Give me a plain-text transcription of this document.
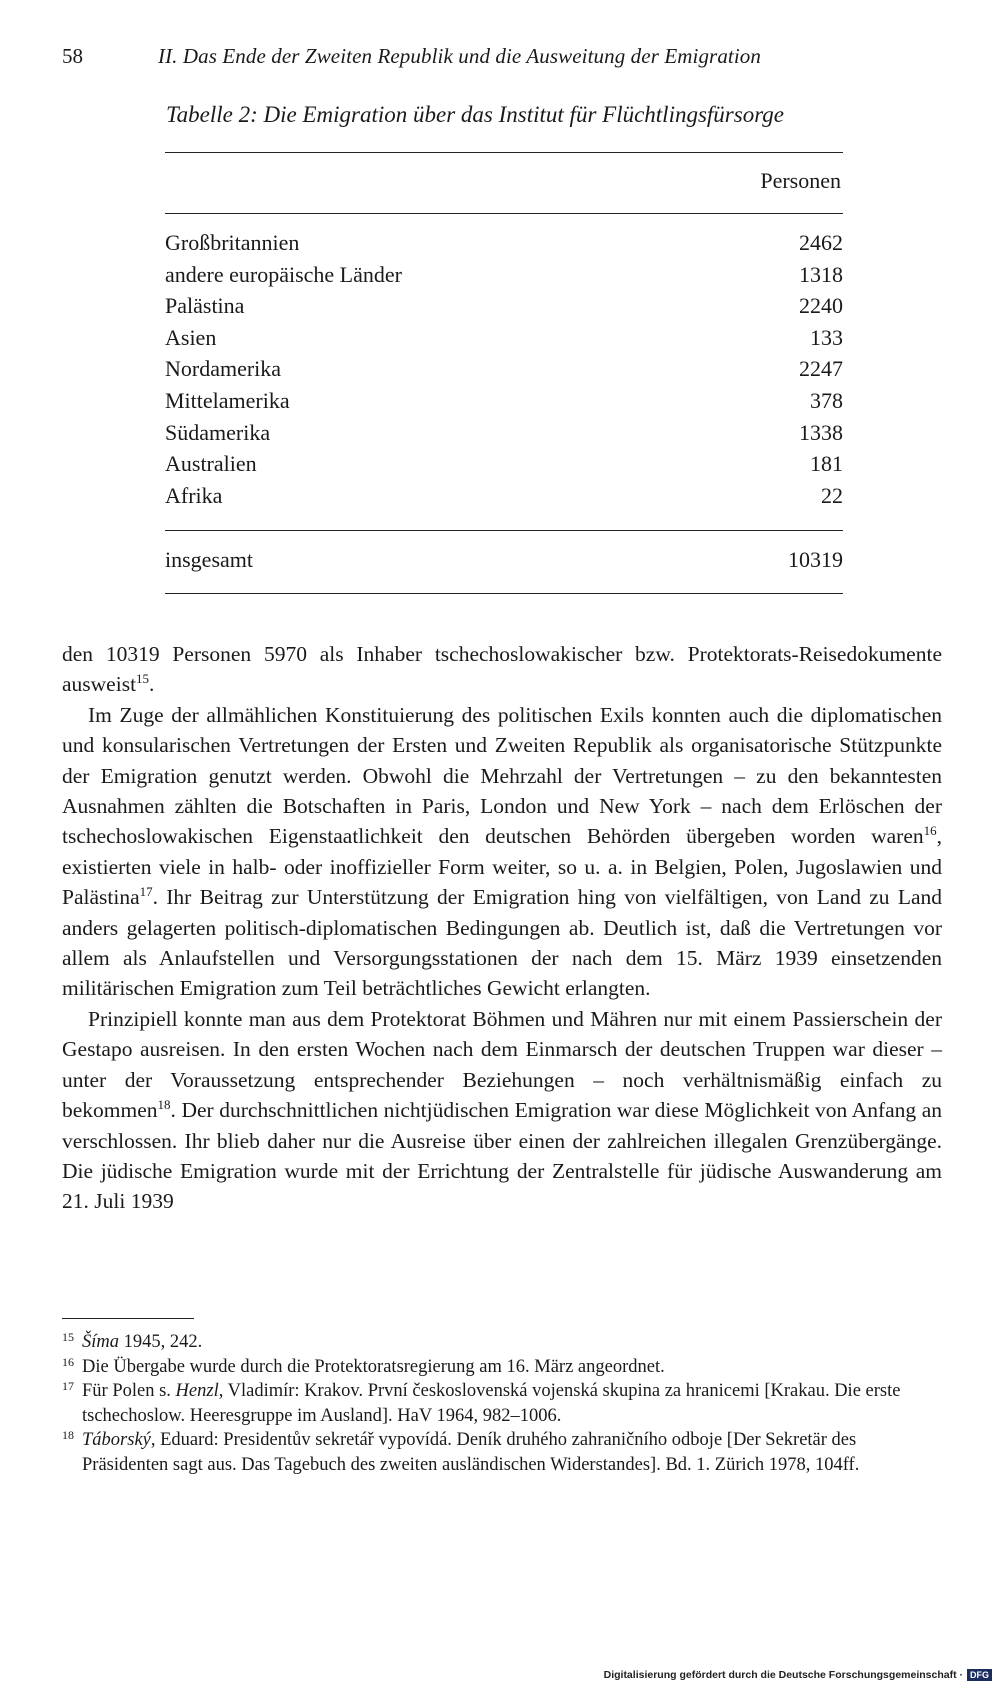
58	II. Das Ende der Zweiten Republik und die Ausweitung der Emigration
Tabelle 2: Die Emigration über das Institut für Flüchtlingsfürsorge
Personen
Großbritannien	2462
andere europäische Länder	1318
Palästina	2240
Asien	133
Nordamerika	2247
Mittelamerika	378
Südamerika	1338
Australien	181
Afrika	22
insgesamt	10319

den 10319 Personen 5970 als Inhaber tschechoslowakischer bzw. Protektorats-Reisedokumente ausweist$^{15}$.

Im Zuge der allmählichen Konstituierung des politischen Exils konnten auch die diplomatischen und konsularischen Vertretungen der Ersten und Zweiten Republik als organisatorische Stützpunkte der Emigration genutzt werden. Obwohl die Mehrzahl der Vertretungen – zu den bekanntesten Ausnahmen zählten die Botschaften in Paris, London und New York – nach dem Erlöschen der tschechoslowakischen Eigenstaatlichkeit den deutschen Behörden übergeben worden waren$^{16}$, existierten viele in halb- oder inoffizieller Form weiter, so u. a. in Belgien, Polen, Jugoslawien und Palästina$^{17}$. Ihr Beitrag zur Unterstützung der Emigration hing von vielfältigen, von Land zu Land anders gelagerten politisch-diplomatischen Bedingungen ab. Deutlich ist, daß die Vertretungen vor allem als Anlaufstellen und Versorgungsstationen der nach dem 15. März 1939 einsetzenden militärischen Emigration zum Teil beträchtliches Gewicht erlangten.

Prinzipiell konnte man aus dem Protektorat Böhmen und Mähren nur mit einem Passierschein der Gestapo ausreisen. In den ersten Wochen nach dem Einmarsch der deutschen Truppen war dieser – unter der Voraussetzung entsprechender Beziehungen – noch verhältnismäßig einfach zu bekommen$^{18}$. Der durchschnittlichen nichtjüdischen Emigration war diese Möglichkeit von Anfang an verschlossen. Ihr blieb daher nur die Ausreise über einen der zahlreichen illegalen Grenzübergänge. Die jüdische Emigration wurde mit der Errichtung der Zentralstelle für jüdische Auswanderung am 21. Juli 1939

15 Šíma 1945, 242.

16 Die Übergabe wurde durch die Protektoratsregierung am 16. März angeordnet.

17 Für Polen s. Henzl, Vladimír: Krakov. První československá vojenská skupina za hranicemi [Krakau. Die erste tschechoslow. Heeresgruppe im Ausland]. HaV 1964, 982–1006.

18 Táborský, Eduard: Presidentův sekretář vypovídá. Deník druhého zahraničního odboje [Der Sekretär des Präsidenten sagt aus. Das Tagebuch des zweiten ausländischen Widerstandes]. Bd. 1. Zürich 1978, 104ff.

Digitalisierung gefördert durch die Deutsche Forschungsgemeinschaft · DFG
